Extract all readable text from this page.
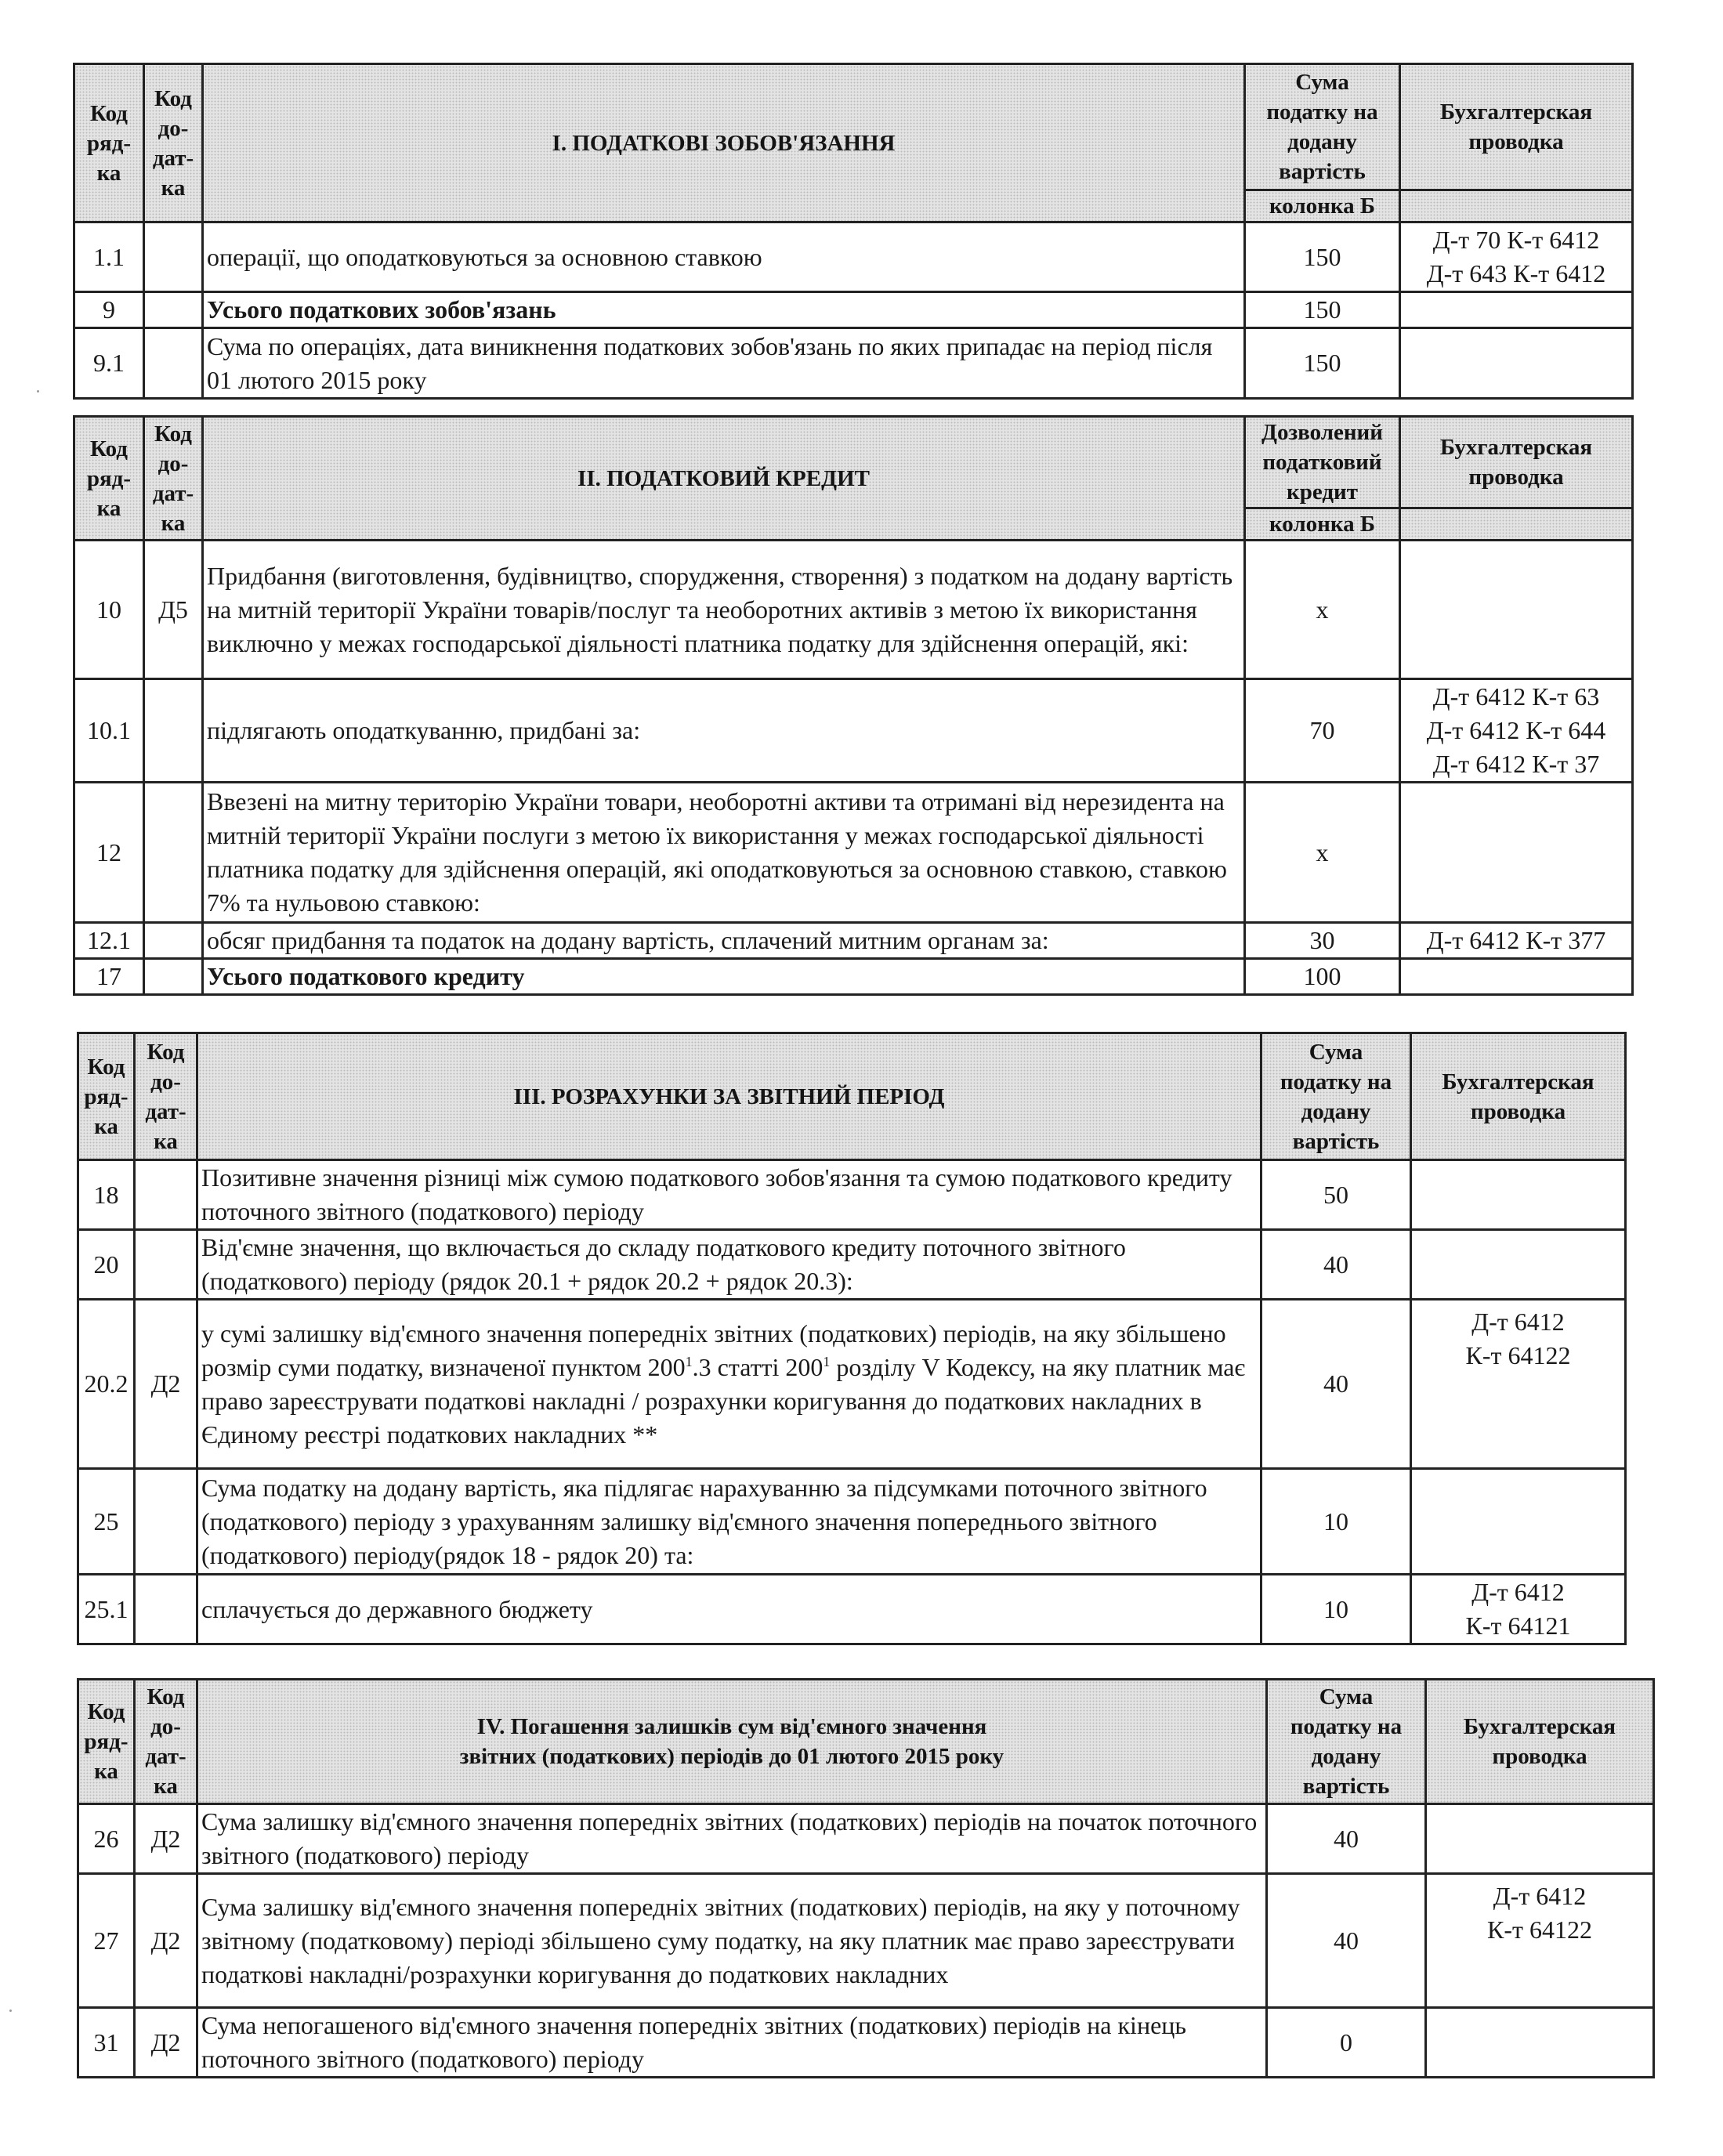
Код
ряд-
ка	Код
до-
дат-
ка	I. ПОДАТКОВІ ЗОБОВ'ЯЗАННЯ	Сума
податку на
додану
вартість	Бухгалтерская
проводка

			колонка Б	
1.1		операції, що оподатковуються за основною ставкою	150	Д-т 70 К-т 6412
Д-т 643 К-т 6412

9		Усього податкових зобов'язань	150	
9.1		Сума по операціях, дата виникнення податкових зобов'язань по яких припадає на період після 01 лютого 2015 року	150	
Код
ряд-
ка	Код
до-
дат-
ка	II. ПОДАТКОВИЙ КРЕДИТ	Дозволений
податковий
кредит	Бухгалтерская
проводка

			колонка Б	
10	Д5	Придбання (виготовлення, будівництво, спорудження, створення) з податком на додану вартість на митній території України товарів/послуг та необоротних активів з метою їх використання виключно у межах господарської діяльності платника податку для здійснення операцій, які:	x	
10.1		підлягають оподаткуванню, придбані за:	70	Д-т 6412 К-т 63
Д-т 6412 К-т 644
Д-т 6412 К-т 37

12		Ввезені на митну територію України товари, необоротні активи та отримані від нерезидента на митній території України послуги з метою їх використання у межах господарської діяльності платника податку для здійснення операцій, які оподатковуються за основною ставкою, ставкою 7% та нульовою ставкою:	x	
12.1		обсяг придбання та податок на додану вартість, сплачений митним органам за:	30	Д-т 6412 К-т 377

17		Усього податкового кредиту	100	
Код
ряд-
ка	Код
до-
дат-
ка	III. РОЗРАХУНКИ ЗА ЗВІТНИЙ ПЕРІОД	Сума
податку на
додану
вартість	Бухгалтерская
проводка

18		Позитивне значення різниці між сумою податкового зобов'язання та сумою податкового кредиту поточного звітного (податкового) періоду	50	
20		Від'ємне значення, що включається до складу податкового кредиту поточного звітного (податкового) періоду (рядок 20.1 + рядок 20.2 + рядок 20.3):	40	
20.2	Д2	у сумі залишку від'ємного значення попередніх звітних (податкових) періодів, на яку збільшено розмір суми податку, визначеної пунктом $200^1.3$ статті $200^1$ розділу V Кодексу, на яку платник має право зареєструвати податкові накладні / розрахунки коригування до податкових накладних в Єдиному реєстрі податкових накладних **	40	Д-т 6412
К-т 64122

25		Сума податку на додану вартість, яка підлягає нарахуванню за підсумками поточного звітного (податкового) періоду з урахуванням залишку від'ємного значення попереднього звітного (податкового) періоду(рядок 18 - рядок 20) та:	10	
25.1		сплачується до державного бюджету	10	Д-т 6412
К-т 64121
Код
ряд-
ка	Код
до-
дат-
ка	IV. Погашення залишків сум від'ємного значення
звітних (податкових) періодів до 01 лютого 2015 року	Сума
податку на
додану
вартість	Бухгалтерская
проводка

26	Д2	Сума залишку від'ємного значення попередніх звітних (податкових) періодів на початок поточного звітного (податкового) періоду	40	
27	Д2	Сума залишку від'ємного значення попередніх звітних (податкових) періодів, на яку у поточному звітному (податковому) періоді збільшено суму податку, на яку платник має право зареєструвати податкові накладні/розрахунки коригування до податкових накладних	40	Д-т 6412
К-т 64122

31	Д2	Сума непогашеного від'ємного значення попередніх звітних (податкових) періодів на кінець поточного звітного (податкового) періоду	0	
